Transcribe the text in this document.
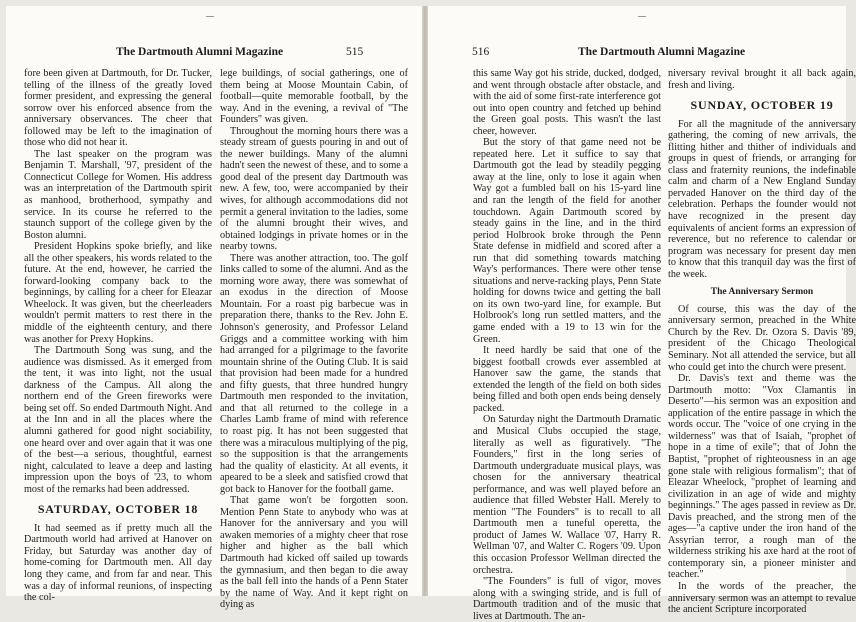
The Dartmouth Alumni Magazine	515

fore been given at Dartmouth, for Dr. Tucker, telling of the illness of the greatly loved former president, and expressing the general sorrow over his enforced absence from the anniversary observances. The cheer that followed may be left to the imagination of those who did not hear it.

The last speaker on the program was Benjamin T. Marshall, '97, president of the Connecticut College for Women. His address was an interpretation of the Dartmouth spirit as manhood, brotherhood, sympathy and service. In its course he referred to the staunch support of the college given by the Boston alumni.

President Hopkins spoke briefly, and like all the other speakers, his words related to the future. At the end, however, he carried the forward-looking company back to the beginnings, by calling for a cheer for Eleazar Wheelock. It was given, but the cheerleaders wouldn't permit matters to rest there in the middle of the eighteenth century, and there was another for Prexy Hopkins.

The Dartmouth Song was sung, and the audience was dismissed. As it emerged from the tent, it was into light, not the usual darkness of the Campus. All along the northern end of the Green fireworks were being set off. So ended Dartmouth Night. And at the Inn and in all the places where the alumni gathered for good night sociability, one heard over and over again that it was one of the best—a serious, thoughtful, earnest night, calculated to leave a deep and lasting impression upon the boys of '23, to whom most of the remarks had been addressed.

SATURDAY, OCTOBER 18

It had seemed as if pretty much all the Dartmouth world had arrived at Hanover on Friday, but Saturday was another day of home-coming for Dartmouth men. All day long they came, and from far and near. This was a day of informal reunions, of inspecting the col-

lege buildings, of social gatherings, one of them being at Moose Mountain Cabin, of football—quite memorable football, by the way. And in the evening, a revival of "The Founders" was given.

Throughout the morning hours there was a steady stream of guests pouring in and out of the newer buildings. Many of the alumni hadn't seen the newest of these, and to some a good deal of the present day Dartmouth was new. A few, too, were accompanied by their wives, for although accommodations did not permit a general invitation to the ladies, some of the alumni brought their wives, and obtained lodgings in private homes or in the nearby towns.

There was another attraction, too. The golf links called to some of the alumni. And as the morning wore away, there was somewhat of an exodus in the direction of Moose Mountain. For a roast pig barbecue was in preparation there, thanks to the Rev. John E. Johnson's generosity, and Professor Leland Griggs and a committee working with him had arranged for a pilgrimage to the favorite mountain shrine of the Outing Club. It is said that provision had been made for a hundred and fifty guests, that three hundred hungry Dartmouth men responded to the invitation, and that all returned to the college in a Charles Lamb frame of mind with reference to roast pig. It has not been suggested that there was a miraculous multiplying of the pig, so the supposition is that the arrangements had the quality of elasticity. At all events, it apeared to be a sleek and satisfied crowd that got back to Hanover for the football game.

That game won't be forgotten soon. Mention Penn State to anybody who was at Hanover for the anniversary and you will awaken memories of a mighty cheer that rose higher and higher as the ball which Dartmouth had kicked off sailed up towards the gymnasium, and then began to die away as the ball fell into the hands of a Penn Stater by the name of Way. And it kept right on dying as

516	The Dartmouth Alumni Magazine

this same Way got his stride, ducked, dodged, and went through obstacle after obstacle, and with the aid of some first-rate interference got out into open country and fetched up behind the Green goal posts. This wasn't the last cheer, however.

But the story of that game need not be repeated here. Let it suffice to say that Dartmouth got the lead by steadily pegging away at the line, only to lose it again when Way got a fumbled ball on his 15-yard line and ran the length of the field for another touchdown. Again Dartmouth scored by steady gains in the line, and in the third period Holbrook broke through the Penn State defense in midfield and scored after a run that did something towards matching Way's performances. There were other tense situations and nerve-racking plays, Penn State holding for downs twice and getting the ball on its own two-yard line, for example. But Holbrook's long run settled matters, and the game ended with a 19 to 13 win for the Green.

It need hardly be said that one of the biggest football crowds ever assembled at Hanover saw the game, the stands that extended the length of the field on both sides being filled and both open ends being densely packed.

On Saturday night the Dartmouth Dramatic and Musical Clubs occupied the stage, literally as well as figuratively. "The Founders," first in the long series of Dartmouth undergraduate musical plays, was chosen for the anniversary theatrical performance, and was well played before an audience that filled Webster Hall. Merely to mention "The Founders" is to recall to all Dartmouth men a tuneful operetta, the product of James W. Wallace '07, Harry R. Wellman '07, and Walter C. Rogers '09. Upon this occasion Professor Wellman directed the orchestra.

"The Founders" is full of vigor, moves along with a swinging stride, and is full of Dartmouth tradition and of the music that lives at Dartmouth. The an-

niversary revival brought it all back again, fresh and living.

SUNDAY, OCTOBER 19

For all the magnitude of the anniversary gathering, the coming of new arrivals, the flitting hither and thither of individuals and groups in quest of friends, or arranging for class and fraternity reunions, the indefinable calm and charm of a New England Sunday pervaded Hanover on the third day of the celebration. Perhaps the founder would not have recognized in the present day equivalents of ancient forms an expression of reverence, but no reference to calendar or program was necessary for present day men to know that this tranquil day was the first of the week.

The Anniversary Sermon

Of course, this was the day of the anniversary sermon, preached in the White Church by the Rev. Dr. Ozora S. Davis '89, president of the Chicago Theological Seminary. Not all attended the service, but all who could get into the church were present.

Dr. Davis's text and theme was the Dartmouth motto: "Vox Clamantis in Deserto"—his sermon was an exposition and application of the entire passage in which the words occur. The "voice of one crying in the wilderness" was that of Isaiah, "prophet of hope in a time of exile"; that of John the Baptist, "prophet of righteousness in an age gone stale with religious formalism"; that of Eleazar Wheelock, "prophet of learning and civilization in an age of wide and mighty beginnings." The ages passed in review as Dr. Davis preached, and the strong men of the ages—"a captive under the iron hand of the Assyrian terror, a rough man of the wilderness striking his axe hard at the root of contemporary sin, a pioneer minister and teacher."

In the words of the preacher, the anniversary sermon was an attempt to revalue the ancient Scripture incorporated
